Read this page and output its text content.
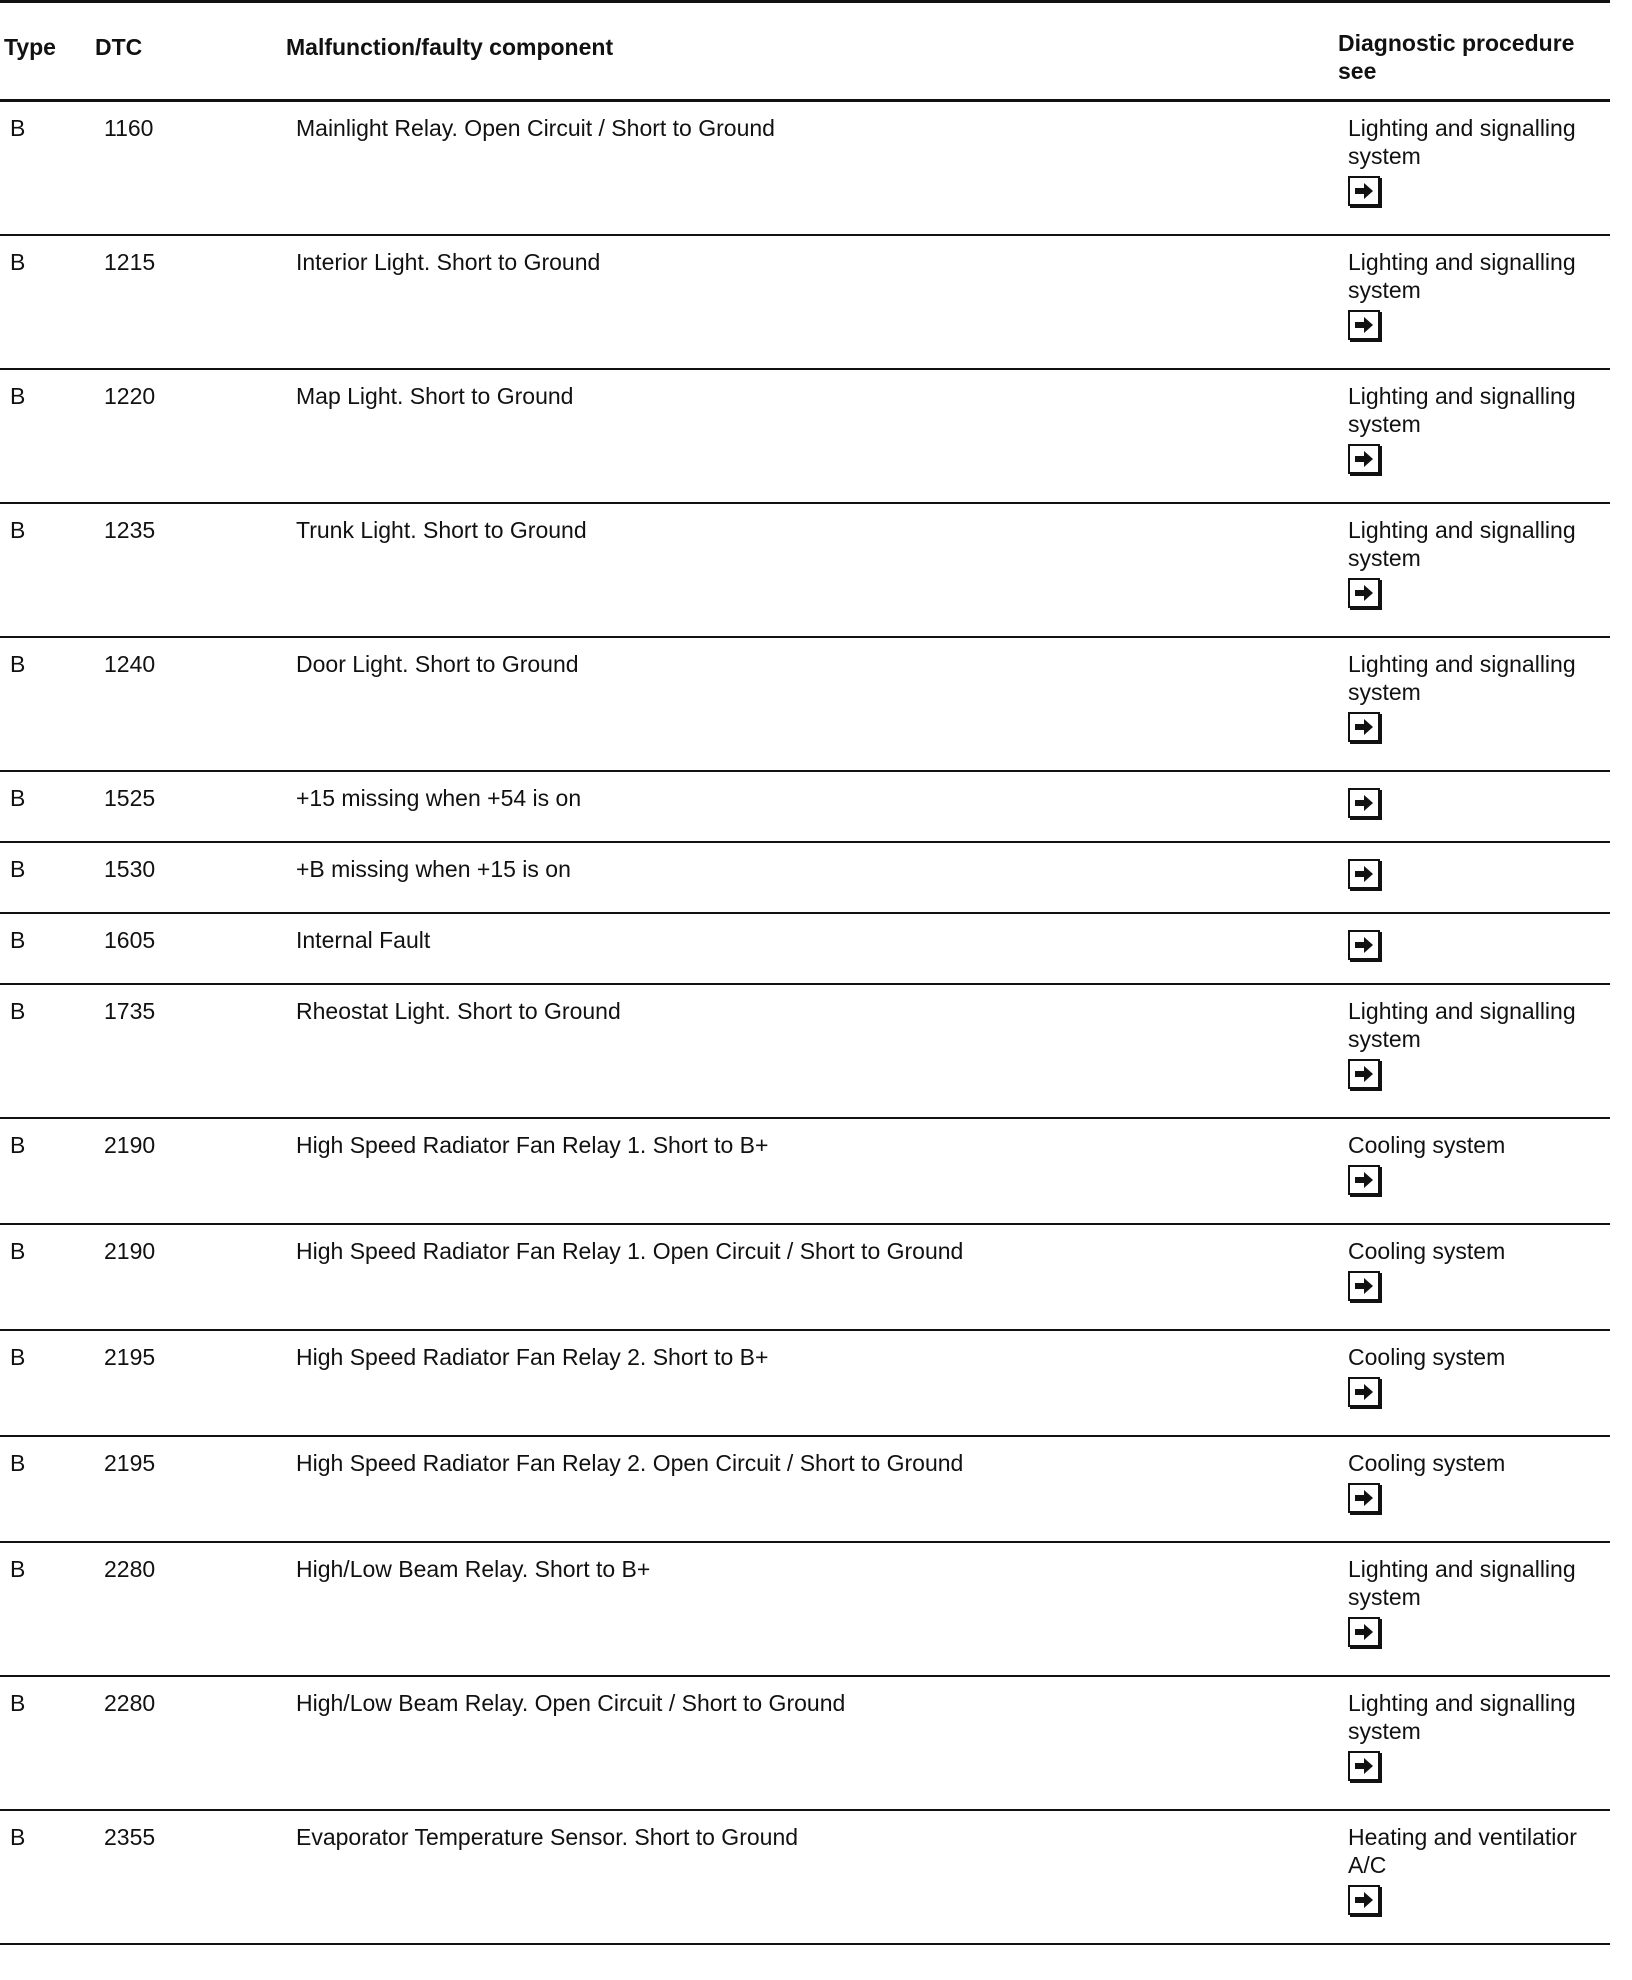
Type DTC	Malfunction/faulty component	Diagnostic procedure
see
B	1160	Mainlight Relay. Open Circuit / Short to Ground	Lighting and signalling
system
B	1215	Interior Light. Short to Ground	Lighting and signalling
system
B	1220	Map Light. Short to Ground	Lighting and signalling
system
B	1235	Trunk Light. Short to Ground	Lighting and signalling
system
B	1240	Door Light. Short to Ground	Lighting and signalling
system
B	1525	+15 missing when +54 is on
B	1530	+B missing when +15 is on
B	1605	Internal Fault
B	1735	Rheostat Light. Short to Ground	Lighting and signalling
system
B	2190	High Speed Radiator Fan Relay 1. Short to B+	Cooling system
B	2190	High Speed Radiator Fan Relay 1. Open Circuit / Short to Ground	Cooling system
B	2195	High Speed Radiator Fan Relay 2. Short to B+	Cooling system
B	2195	High Speed Radiator Fan Relay 2. Open Circuit / Short to Ground	Cooling system
B	2280	High/Low Beam Relay. Short to B+	Lighting and signalling
system
B	2280	High/Low Beam Relay. Open Circuit / Short to Ground	Lighting and signalling
system
B	2355	Evaporator Temperature Sensor. Short to Ground	Heating and ventilatior
A/C
